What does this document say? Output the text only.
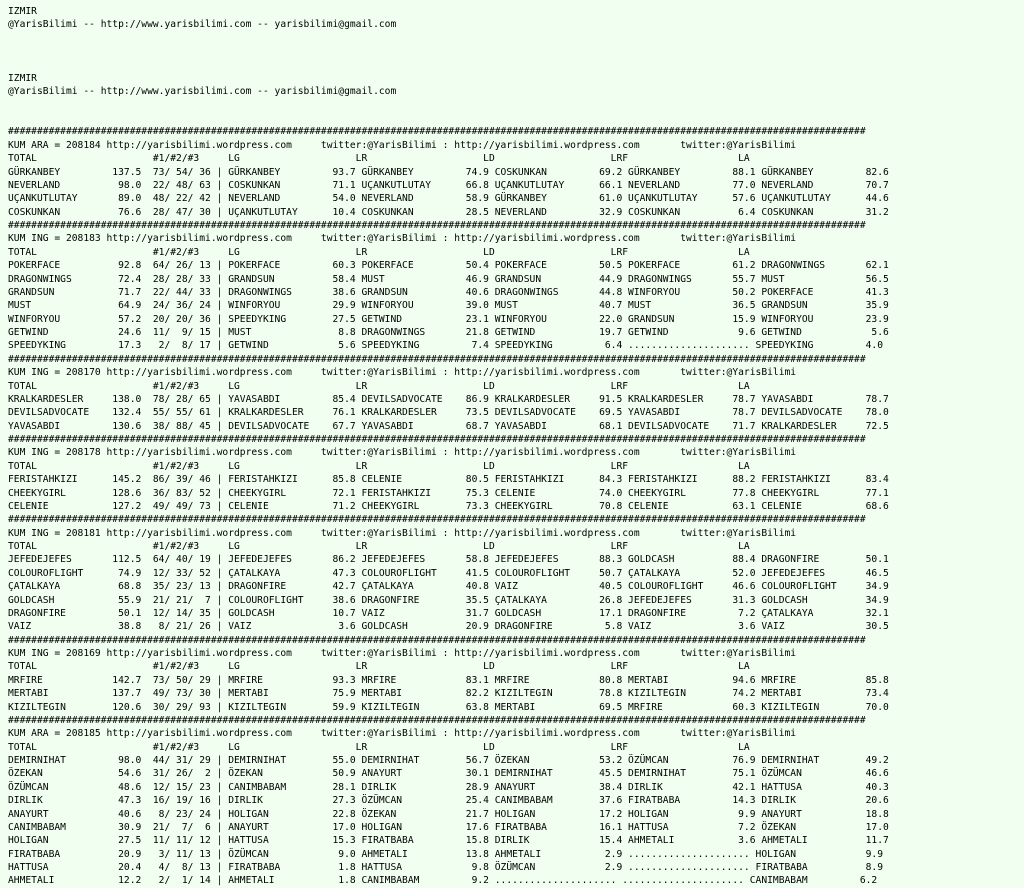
IZMIR
@YarisBilimi -- http://www.yarisbilimi.com -- yarisbilimi@gmail.com
IZMIR
@YarisBilimi -- http://www.yarisbilimi.com -- yarisbilimi@gmail.com
####################################################################################################################################################
KUM ARA = 208184 http://yarisbilimi.wordpress.com     twitter:@YarisBilimi : http://yarisbilimi.wordpress.com       twitter:@YarisBilimi
TOTAL                    #1/#2/#3     LG                    LR                    LD                    LRF                   LA
GÜRKANBEY         137.5  73/ 54/ 36 | GÜRKANBEY         93.7 GÜRKANBEY         74.9 COSKUNKAN         69.2 GÜRKANBEY         88.1 GÜRKANBEY         82.6
NEVERLAND          98.0  22/ 48/ 63 | COSKUNKAN         71.1 UÇANKUTLUTAY      66.8 UÇANKUTLUTAY      66.1 NEVERLAND         77.0 NEVERLAND         70.7
UÇANKUTLUTAY       89.0  48/ 22/ 42 | NEVERLAND         54.0 NEVERLAND         58.9 GÜRKANBEY         61.0 UÇANKUTLUTAY      57.6 UÇANKUTLUTAY      44.6
COSKUNKAN          76.6  28/ 47/ 30 | UÇANKUTLUTAY      10.4 COSKUNKAN         28.5 NEVERLAND         32.9 COSKUNKAN          6.4 COSKUNKAN         31.2
####################################################################################################################################################
KUM ING = 208183 http://yarisbilimi.wordpress.com     twitter:@YarisBilimi : http://yarisbilimi.wordpress.com       twitter:@YarisBilimi
TOTAL                    #1/#2/#3     LG                    LR                    LD                    LRF                   LA
POKERFACE          92.8  64/ 26/ 13 | POKERFACE         60.3 POKERFACE         50.4 POKERFACE         50.5 POKERFACE         61.2 DRAGONWINGS       62.1
DRAGONWINGS        72.4  28/ 28/ 33 | GRANDSUN          58.4 MUST              46.9 GRANDSUN          44.9 DRAGONWINGS       55.7 MUST              56.5
GRANDSUN           71.7  22/ 44/ 33 | DRAGONWINGS       38.6 GRANDSUN          40.6 DRAGONWINGS       44.8 WINFORYOU         50.2 POKERFACE         41.3
MUST               64.9  24/ 36/ 24 | WINFORYOU         29.9 WINFORYOU         39.0 MUST              40.7 MUST              36.5 GRANDSUN          35.9
WINFORYOU          57.2  20/ 20/ 36 | SPEEDYKING        27.5 GETWIND           23.1 WINFORYOU         22.0 GRANDSUN          15.9 WINFORYOU         23.9
GETWIND            24.6  11/  9/ 15 | MUST               8.8 DRAGONWINGS       21.8 GETWIND           19.7 GETWIND            9.6 GETWIND            5.6
SPEEDYKING         17.3   2/  8/ 17 | GETWIND            5.6 SPEEDYKING         7.4 SPEEDYKING         6.4 ..................... SPEEDYKING         4.0
####################################################################################################################################################
KUM ING = 208170 http://yarisbilimi.wordpress.com     twitter:@YarisBilimi : http://yarisbilimi.wordpress.com       twitter:@YarisBilimi
TOTAL                    #1/#2/#3     LG                    LR                    LD                    LRF                   LA
KRALKARDESLER     138.0  78/ 28/ 65 | YAVASABDI         85.4 DEVILSADVOCATE    86.9 KRALKARDESLER     91.5 KRALKARDESLER     78.7 YAVASABDI         78.7
DEVILSADVOCATE    132.4  55/ 55/ 61 | KRALKARDESLER     76.1 KRALKARDESLER     73.5 DEVILSADVOCATE    69.5 YAVASABDI         78.7 DEVILSADVOCATE    78.0
YAVASABDI         130.6  38/ 88/ 45 | DEVILSADVOCATE    67.7 YAVASABDI         68.7 YAVASABDI         68.1 DEVILSADVOCATE    71.7 KRALKARDESLER     72.5
####################################################################################################################################################
KUM ING = 208178 http://yarisbilimi.wordpress.com     twitter:@YarisBilimi : http://yarisbilimi.wordpress.com       twitter:@YarisBilimi
TOTAL                    #1/#2/#3     LG                    LR                    LD                    LRF                   LA
FERISTAHKIZI      145.2  86/ 39/ 46 | FERISTAHKIZI      85.8 CELENIE           80.5 FERISTAHKIZI      84.3 FERISTAHKIZI      88.2 FERISTAHKIZI      83.4
CHEEKYGIRL        128.6  36/ 83/ 52 | CHEEKYGIRL        72.1 FERISTAHKIZI      75.3 CELENIE           74.0 CHEEKYGIRL        77.8 CHEEKYGIRL        77.1
CELENIE           127.2  49/ 49/ 73 | CELENIE           71.2 CHEEKYGIRL        73.3 CHEEKYGIRL        70.8 CELENIE           63.1 CELENIE           68.6
####################################################################################################################################################
KUM ING = 208181 http://yarisbilimi.wordpress.com     twitter:@YarisBilimi : http://yarisbilimi.wordpress.com       twitter:@YarisBilimi
TOTAL                    #1/#2/#3     LG                    LR                    LD                    LRF                   LA
JEFEDEJEFES       112.5  64/ 40/ 19 | JEFEDEJEFES       86.2 JEFEDEJEFES       58.8 JEFEDEJEFES       88.3 GOLDCASH          88.4 DRAGONFIRE        50.1
COLOUROFLIGHT      74.9  12/ 33/ 52 | ÇATALKAYA         47.3 COLOUROFLIGHT     41.5 COLOUROFLIGHT     50.7 ÇATALKAYA         52.0 JEFEDEJEFES       46.5
ÇATALKAYA          68.8  35/ 23/ 13 | DRAGONFIRE        42.7 ÇATALKAYA         40.8 VAIZ              40.5 COLOUROFLIGHT     46.6 COLOUROFLIGHT     34.9
GOLDCASH           55.9  21/ 21/  7 | COLOUROFLIGHT     38.6 DRAGONFIRE        35.5 ÇATALKAYA         26.8 JEFEDEJEFES       31.3 GOLDCASH          34.9
DRAGONFIRE         50.1  12/ 14/ 35 | GOLDCASH          10.7 VAIZ              31.7 GOLDCASH          17.1 DRAGONFIRE         7.2 ÇATALKAYA         32.1
VAIZ               38.8   8/ 21/ 26 | VAIZ               3.6 GOLDCASH          20.9 DRAGONFIRE         5.8 VAIZ               3.6 VAIZ              30.5
####################################################################################################################################################
KUM ING = 208169 http://yarisbilimi.wordpress.com     twitter:@YarisBilimi : http://yarisbilimi.wordpress.com       twitter:@YarisBilimi
TOTAL                    #1/#2/#3     LG                    LR                    LD                    LRF                   LA
MRFIRE            142.7  73/ 50/ 29 | MRFIRE            93.3 MRFIRE            83.1 MRFIRE            80.8 MERTABI           94.6 MRFIRE            85.8
MERTABI           137.7  49/ 73/ 30 | MERTABI           75.9 MERTABI           82.2 KIZILTEGIN        78.8 KIZILTEGIN        74.2 MERTABI           73.4
KIZILTEGIN        120.6  30/ 29/ 93 | KIZILTEGIN        59.9 KIZILTEGIN        63.8 MERTABI           69.5 MRFIRE            60.3 KIZILTEGIN        70.0
####################################################################################################################################################
KUM ARA = 208185 http://yarisbilimi.wordpress.com     twitter:@YarisBilimi : http://yarisbilimi.wordpress.com       twitter:@YarisBilimi
TOTAL                    #1/#2/#3     LG                    LR                    LD                    LRF                   LA
DEMIRNIHAT         98.0  44/ 31/ 29 | DEMIRNIHAT        55.0 DEMIRNIHAT        56.7 ÖZEKAN            53.2 ÖZÜMCAN           76.9 DEMIRNIHAT        49.2
ÖZEKAN             54.6  31/ 26/  2 | ÖZEKAN            50.9 ANAYURT           30.1 DEMIRNIHAT        45.5 DEMIRNIHAT        75.1 ÖZÜMCAN           46.6
ÖZÜMCAN            48.6  12/ 15/ 23 | CANIMBABAM        28.1 DIRLIK            28.9 ANAYURT           38.4 DIRLIK            42.1 HATTUSA           40.3
DIRLIK             47.3  16/ 19/ 16 | DIRLIK            27.3 ÖZÜMCAN           25.4 CANIMBABAM        37.6 FIRATBABA         14.3 DIRLIK            20.6
ANAYURT            40.6   8/ 23/ 24 | HOLIGAN           22.8 ÖZEKAN            21.7 HOLIGAN           17.2 HOLIGAN            9.9 ANAYURT           18.8
CANIMBABAM         30.9  21/  7/  6 | ANAYURT           17.0 HOLIGAN           17.6 FIRATBABA         16.1 HATTUSA            7.2 ÖZEKAN            17.0
HOLIGAN            27.5  11/ 11/ 12 | HATTUSA           15.3 FIRATBABA         15.8 DIRLIK            15.4 AHMETALI           3.6 AHMETALI          11.7
FIRATBABA          20.9   3/ 11/ 13 | ÖZÜMCAN            9.0 AHMETALI          13.8 AHMETALI           2.9 ..................... HOLIGAN            9.9
HATTUSA            20.4   4/  8/ 13 | FIRATBABA          1.8 HATTUSA            9.8 ÖZÜMCAN            2.9 ..................... FIRATBABA          8.9
AHMETALI           12.2   2/  1/ 14 | AHMETALI           1.8 CANIMBABAM         9.2 ..................... ..................... CANIMBABAM         6.2
